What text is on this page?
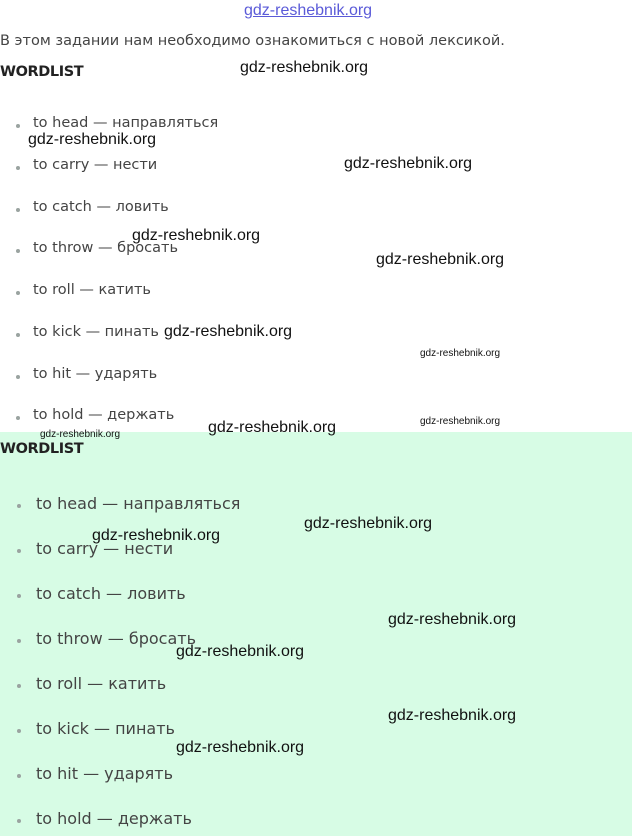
gdz-reshebnik.org
В этом задании нам необходимо ознакомиться с новой лексикой.
WORDLIST
to head — направляться
to carry — нести
to catch — ловить
to throw — бросать
to roll — катить
to kick — пинать
to hit — ударять
to hold — держать
WORDLIST
to head — направляться
to carry — нести
to catch — ловить
to throw — бросать
to roll — катить
to kick — пинать
to hit — ударять
to hold — держать
gdz-reshebnik.org
gdz-reshebnik.org
gdz-reshebnik.org
gdz-reshebnik.org
gdz-reshebnik.org
gdz-reshebnik.org
gdz-reshebnik.org
gdz-reshebnik.org
gdz-reshebnik.org
gdz-reshebnik.org
gdz-reshebnik.org
gdz-reshebnik.org
gdz-reshebnik.org
gdz-reshebnik.org
gdz-reshebnik.org
gdz-reshebnik.org
